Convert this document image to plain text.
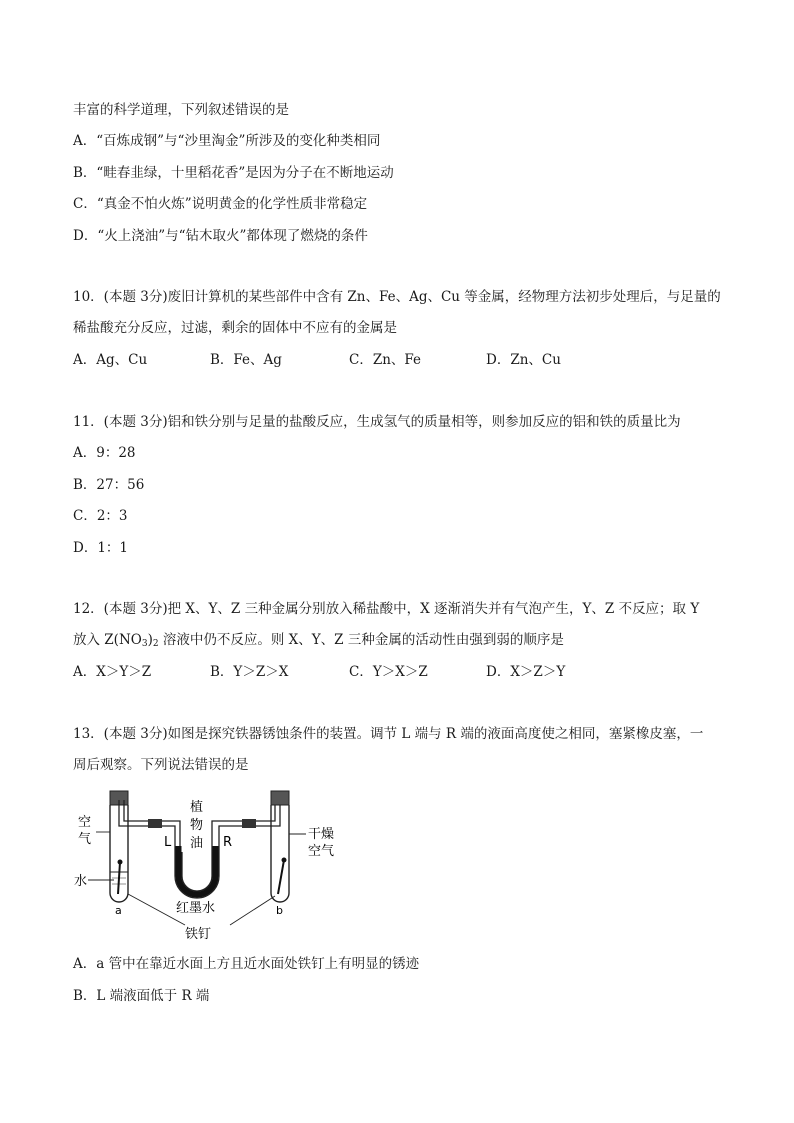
丰富的科学道理，下列叙述错误的是
A．“百炼成钢”与“沙里淘金”所涉及的变化种类相同
B．“畦春韭绿，十里稻花香”是因为分子在不断地运动
C．“真金不怕火炼”说明黄金的化学性质非常稳定
D．“火上浇油”与“钻木取火”都体现了燃烧的条件
10．(本题 3分)废旧计算机的某些部件中含有 Zn、Fe、Ag、Cu 等金属，经物理方法初步处理后，与足量的
稀盐酸充分反应，过滤，剩余的固体中不应有的金属是
A．Ag、Cu	B．Fe、Ag	C．Zn、Fe	D．Zn、Cu
11．(本题 3分)铝和铁分别与足量的盐酸反应，生成氢气的质量相等，则参加反应的铝和铁的质量比为
A．9：28
B．27：56
C．2：3
D．1：1
12．(本题 3分)把 X、Y、Z 三种金属分别放入稀盐酸中，X 逐渐消失并有气泡产生，Y、Z 不反应；取 Y
放入 $Z(NO_3)_2$ 溶液中仍不反应。则 X、Y、Z 三种金属的活动性由强到弱的顺序是
A．X＞Y＞Z	B．Y＞Z＞X	C．Y＞X＞Z	D．X＞Z＞Y
13．(本题 3分)如图是探究铁器锈蚀条件的装置。调节 L 端与 R 端的液面高度使之相同，塞紧橡皮塞，一
周后观察。下列说法错误的是
空
气
水
a	b
植
物
油
L	R
干燥
空气
红墨水
铁钉
A．a 管中在靠近水面上方且近水面处铁钉上有明显的锈迹
B．L 端液面低于 R 端
